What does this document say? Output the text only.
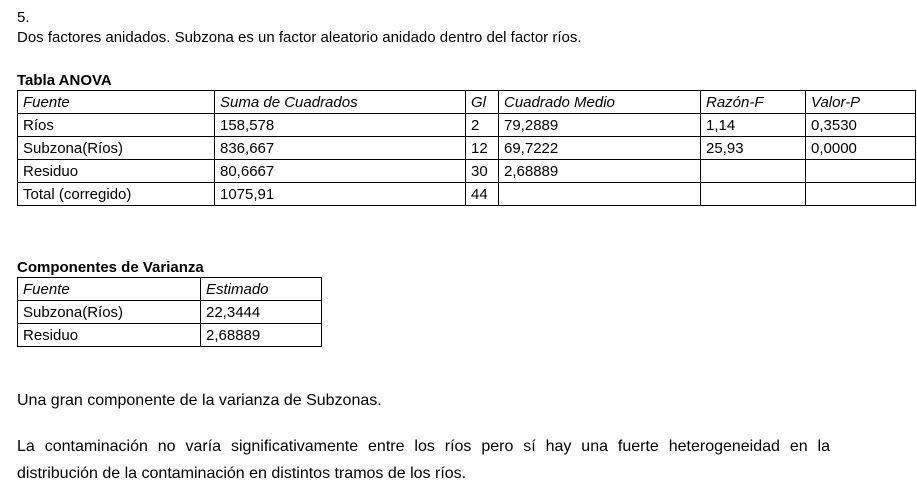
5.

Dos factores anidados. Subzona es un factor aleatorio anidado dentro del factor ríos.

Tabla ANOVA
Fuente	Suma de Cuadrados	Gl	Cuadrado Medio	Razón-F	Valor-P
Ríos	158,578	2	79,2889	1,14	0,3530
Subzona(Ríos)	836,667	12	69,7222	25,93	0,0000
Residuo	80,6667	30	2,68889		
Total (corregido)	1075,91	44			
Componentes de Varianza
Fuente	Estimado
Subzona(Ríos)	22,3444
Residuo	2,68889

Una gran componente de la varianza de Subzonas.

La contaminación no varía significativamente entre los ríos pero sí hay una fuerte heterogeneidad en la distribución de la contaminación en distintos tramos de los ríos.
